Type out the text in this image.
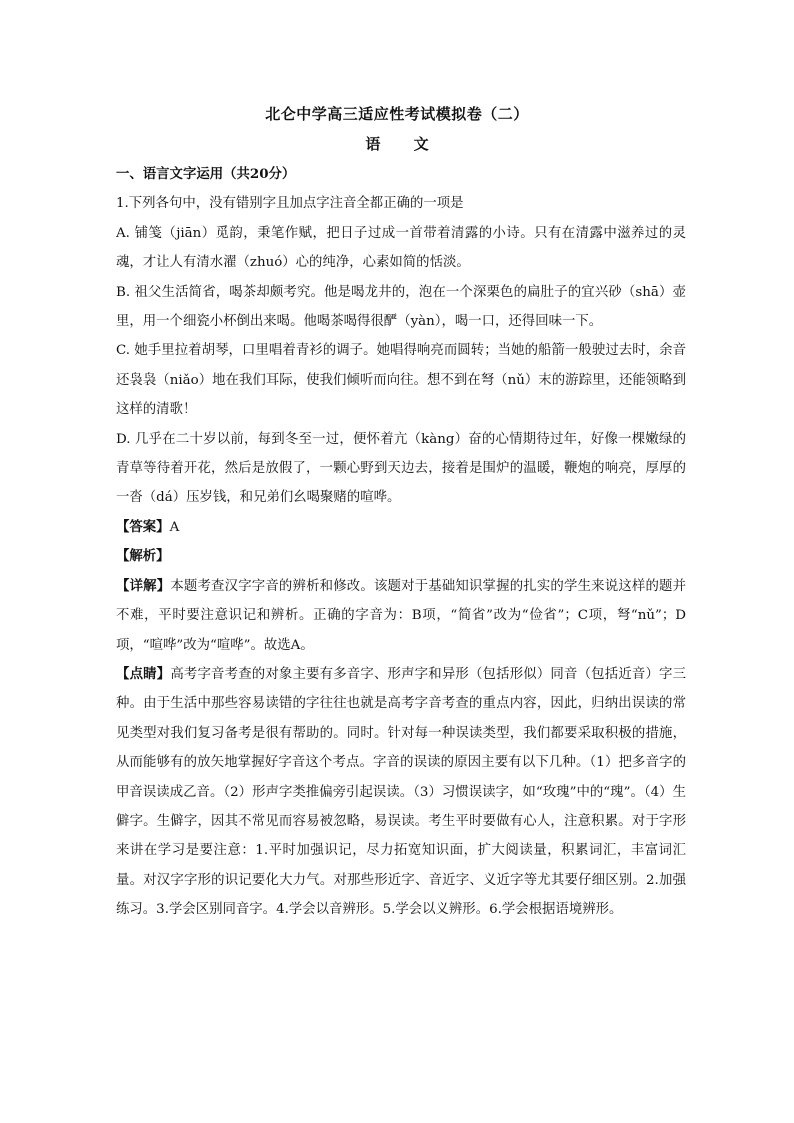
北仑中学高三适应性考试模拟卷（二）
语 文

一、语言文字运用（共20分）

1.下列各句中，没有错别字且加点字注音全都正确的一项是

A. 铺笺（jiān）觅韵，秉笔作赋，把日子过成一首带着清露的小诗。只有在清露中滋养过的灵魂，才让人有清水濯（zhuó）心的纯净，心素如简的恬淡。

B. 祖父生活简省，喝茶却颇考究。他是喝龙井的，泡在一个深栗色的扁肚子的宜兴砂（shā）壶里，用一个细瓷小杯倒出来喝。他喝茶喝得很酽（yàn），喝一口，还得回味一下。

C. 她手里拉着胡琴，口里唱着青衫的调子。她唱得响亮而圆转；当她的船箭一般驶过去时，余音还袅袅（niǎo）地在我们耳际，使我们倾听而向往。想不到在弩（nǔ）末的游踪里，还能领略到这样的清歌！

D. 几乎在二十岁以前，每到冬至一过，便怀着亢（kàng）奋的心情期待过年，好像一棵嫩绿的青草等待着开花，然后是放假了，一颗心野到天边去，接着是围炉的温暖，鞭炮的响亮，厚厚的一沓（dá）压岁钱，和兄弟们幺喝聚赌的喧哗。

【答案】A

【解析】

【详解】本题考查汉字字音的辨析和修改。该题对于基础知识掌握的扎实的学生来说这样的题并不难，平时要注意识记和辨析。正确的字音为：B项，“简省”改为“俭省”；C项，弩“nǔ”；D项，“喧哗”改为“喧哗”。故选A。

【点睛】高考字音考查的对象主要有多音字、形声字和异形（包括形似）同音（包括近音）字三种。由于生活中那些容易读错的字往往也就是高考字音考查的重点内容，因此，归纳出误读的常见类型对我们复习备考是很有帮助的。同时。针对每一种误读类型，我们都要采取积极的措施，从而能够有的放矢地掌握好字音这个考点。字音的误读的原因主要有以下几种。（1）把多音字的甲音误读成乙音。（2）形声字类推偏旁引起误读。（3）习惯误读字，如“玫瑰”中的“瑰”。（4）生僻字。生僻字，因其不常见而容易被忽略，易误读。考生平时要做有心人，注意积累。对于字形来讲在学习是要注意：1.平时加强识记，尽力拓宽知识面，扩大阅读量，积累词汇，丰富词汇量。对汉字字形的识记要化大力气。对那些形近字、音近字、义近字等尤其要仔细区别。2.加强练习。3.学会区别同音字。4.学会以音辨形。5.学会以义辨形。6.学会根据语境辨形。
